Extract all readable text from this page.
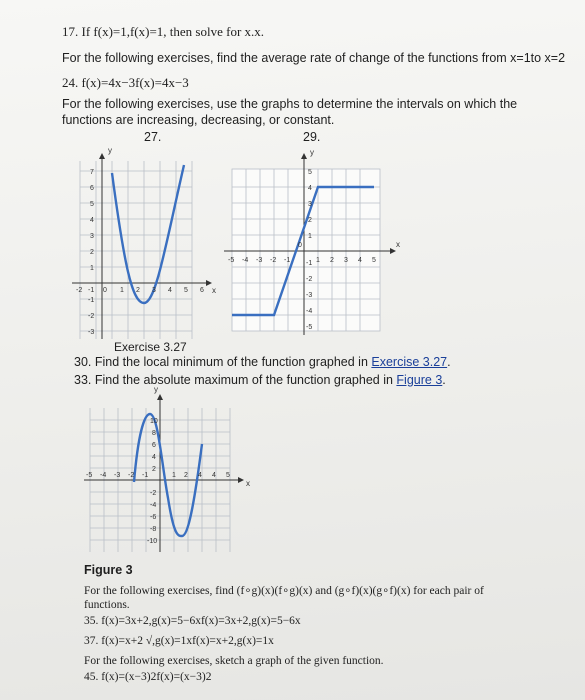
17. If f(x)=1,f(x)=1, then solve for x.x.
For the following exercises, find the average rate of change of the functions from x=1to x=2
24. f(x)=4x−3f(x)=4x−3
For the following exercises, use the graphs to determine the intervals on which the
functions are increasing, decreasing, or constant.
27.
y
x
7
6
5
4
3
2
1
-1
-2
-3
-2 -1 0 1 2 3 4 5 6
29.
y
x
5
4
3
2
1
-1
-2
-3
-4
-5
-5 -4 -3 -2 -1
0
1 2 3 4 5
Exercise 3.27
30. Find the local minimum of the function graphed in Exercise 3.27.
33. Find the absolute maximum of the function graphed in Figure 3.
y
x
10
8
6
4
2
-2
-4
-6
-8
-10
-5 -4 -3 -2 -1	1 2 4 4 5
Figure 3
For the following exercises, find (f∘g)(x)(f∘g)(x) and (g∘f)(x)(g∘f)(x) for each pair of
functions.
35. f(x)=3x+2,g(x)=5−6xf(x)=3x+2,g(x)=5−6x
37. f(x)=x+2 √,g(x)=1xf(x)=x+2,g(x)=1x
For the following exercises, sketch a graph of the given function.
45. f(x)=(x−3)2f(x)=(x−3)2
